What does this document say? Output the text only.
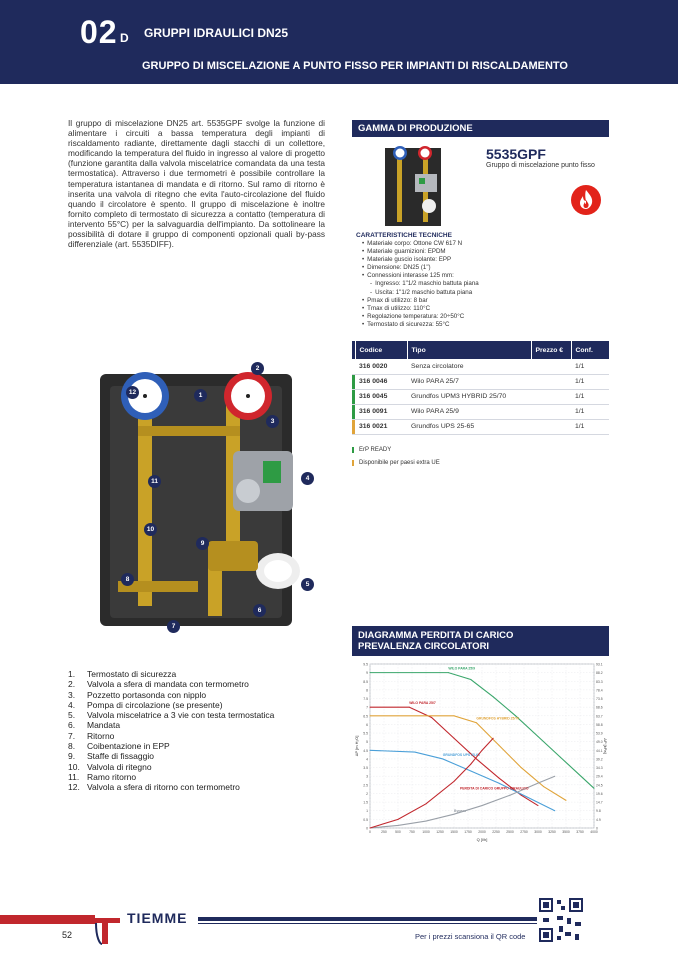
02 D GRUPPI IDRAULICI DN25
GRUPPO DI MISCELAZIONE A PUNTO FISSO PER IMPIANTI DI RISCALDAMENTO
Il gruppo di miscelazione DN25 art. 5535GPF svolge la funzione di alimentare i circuiti a bassa temperatura degli impianti di riscaldamento radiante, direttamente dagli stacchi di un collettore, modificando la temperatura del fluido in ingresso al valore di progetto (funzione garantita dalla valvola miscelatrice comandata da una testa termostatica). Attraverso i due termometri è possibile controllare la temperatura istantanea di mandata e di ritorno. Sul ramo di ritorno è inserita una valvola di ritegno che evita l'auto-circolazione del fluido quando il circolatore è spento. Il gruppo di miscelazione è inoltre fornito completo di termostato di sicurezza a contatto (temperatura di intervento 55°C) per la salvaguardia dell'impianto. Da sottolineare la possibilità di dotare il gruppo di componenti opzionali quali by-pass differenziale (art. 5535DIFF).
GAMMA DI PRODUZIONE
5535GPF
Gruppo di miscelazione punto fisso
CARATTERISTICHE TECNICHE
• Materiale corpo: Ottone CW 617 N
• Materiale guarnizioni: EPDM
• Materiale guscio isolante: EPP
• Dimensione: DN25 (1")
• Connessioni interasse 125 mm:
- Ingresso: 1"1/2 maschio battuta piana
- Uscita: 1"1/2 maschio battuta piana
• Pmax di utilizzo: 8 bar
• Tmax di utilizzo: 110°C
• Regolazione temperatura: 20÷50°C
• Termostato di sicurezza: 55°C
	Codice	Tipo	Prezzo €	Conf.
	316 0020	Senza circolatore		1/1
	316 0046	Wilo PARA 25/7		1/1
	316 0045	Grundfos UPM3 HYBRID 25/70		1/1
	316 0091	Wilo PARA 25/9		1/1
	316 0021	Grundfos UPS 25-65		1/1
ErP READY
Disponibile per paesi extra UE
1
2
3
4
5
6
7
8
9
10
11
12
1. Termostato di sicurezza
2. Valvola a sfera di mandata con termometro
3. Pozzetto portasonda con nipplo
4. Pompa di circolazione (se presente)
5. Valvola miscelatrice a 3 vie con testa termostatica
6. Mandata
7. Ritorno
8. Coibentazione in EPP
9. Staffe di fissaggio
10. Valvola di ritegno
11. Ramo ritorno
12. Valvola a sfera di ritorno con termometro
DIAGRAMMA PERDITA DI CARICO
PREVALENZA CIRCOLATORI
0	0
0.5	4.9
1	9.8
1.5	14.7
2	19.6
2.5	24.5
3	29.4
3.5	34.3
4	39.2
4.5	44.1
5	49.0
5.5	53.9
6	58.8
6.5	63.7
7	68.6
7.5	73.5
8	78.4
8.5	83.3
9	88.2
9.5	93.1
0	250 500 750 1000 1250 1500 1750 2000 2250 2500 2750 3000 3250 3500 3750 4000
Q [l/h]
ΔP [m H₂O]	ΔP [kPa]
WILO PARA 25/9
WILO PARA 25/7
GRUNDFOS HYBRID 25/70
GRUNDFOS UPS 25-65
Bypass
PERDITA DI CARICO GRUPPO IDRAULICO
TIEMME
52	Per i prezzi scansiona il QR code
